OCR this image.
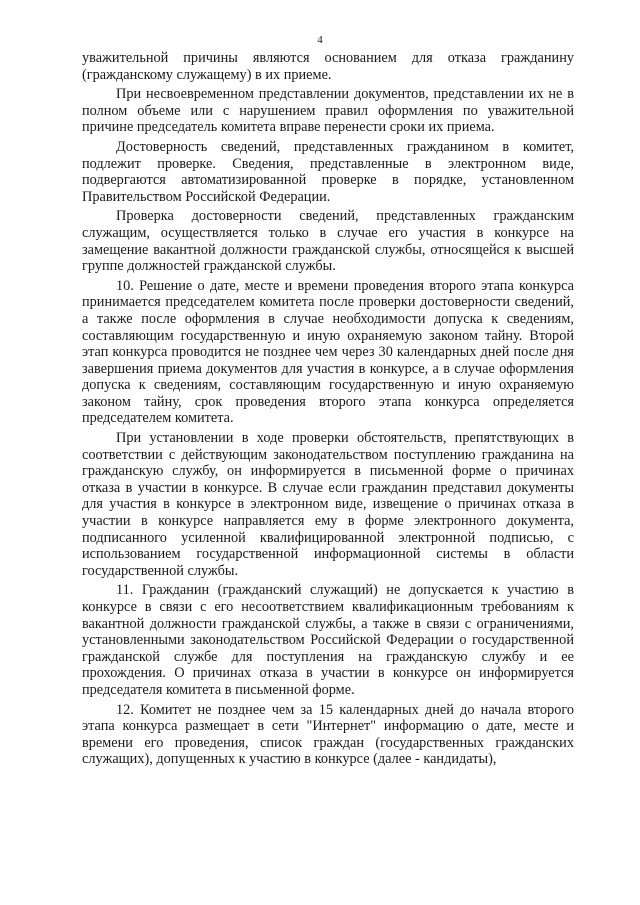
4

уважительной причины являются основанием для отказа гражданину (гражданскому служащему) в их приеме.

При несвоевременном представлении документов, представлении их не в полном объеме или с нарушением правил оформления по уважительной причине председатель комитета вправе перенести сроки их приема.

Достоверность сведений, представленных гражданином в комитет, подлежит проверке. Сведения, представленные в электронном виде, подвергаются автоматизированной проверке в порядке, установленном Правительством Российской Федерации.

Проверка достоверности сведений, представленных гражданским служащим, осуществляется только в случае его участия в конкурсе на замещение вакантной должности гражданской службы, относящейся к высшей группе должностей гражданской службы.

10. Решение о дате, месте и времени проведения второго этапа конкурса принимается председателем комитета после проверки достоверности сведений, а также после оформления в случае необходимости допуска к сведениям, составляющим государственную и иную охраняемую законом тайну. Второй этап конкурса проводится не позднее чем через 30 календарных дней после дня завершения приема документов для участия в конкурсе, а в случае оформления допуска к сведениям, составляющим государственную и иную охраняемую законом тайну, срок проведения второго этапа конкурса определяется председателем комитета.

При установлении в ходе проверки обстоятельств, препятствующих в соответствии с действующим законодательством поступлению гражданина на гражданскую службу, он информируется в письменной форме о причинах отказа в участии в конкурсе. В случае если гражданин представил документы для участия в конкурсе в электронном виде, извещение о причинах отказа в участии в конкурсе направляется ему в форме электронного документа, подписанного усиленной квалифицированной электронной подписью, с использованием государственной информационной системы в области государственной службы.

11. Гражданин (гражданский служащий) не допускается к участию в конкурсе в связи с его несоответствием квалификационным требованиям к вакантной должности гражданской службы, а также в связи с ограничениями, установленными законодательством Российской Федерации о государственной гражданской службе для поступления на гражданскую службу и ее прохождения. О причинах отказа в участии в конкурсе он информируется председателя комитета в письменной форме.

12. Комитет не позднее чем за 15 календарных дней до начала второго этапа конкурса размещает в сети "Интернет" информацию о дате, месте и времени его проведения, список граждан (государственных гражданских служащих), допущенных к участию в конкурсе (далее - кандидаты),
